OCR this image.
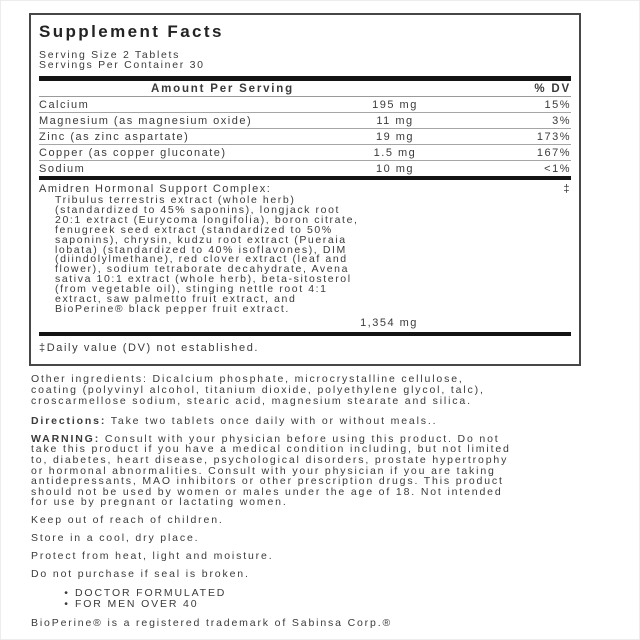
Supplement Facts
Serving Size 2 Tablets
Servings Per Container 30
Amount Per Serving	% DV
Calcium	195 mg	15%
Magnesium (as magnesium oxide)	11 mg	3%
Zinc (as zinc aspartate)	19 mg	173%
Copper (as copper gluconate)	1.5 mg	167%
Sodium	10 mg	<1%
Amidren Hormonal Support Complex:	‡
Tribulus terrestris extract (whole herb)
(standardized to 45% saponins), longjack root
20:1 extract (Eurycoma longifolia), boron citrate,
fenugreek seed extract (standardized to 50%
saponins), chrysin, kudzu root extract (Pueraia
lobata) (standardized to 40% isoflavones), DIM
(diindolylmethane), red clover extract (leaf and
flower), sodium tetraborate decahydrate, Avena
sativa 10:1 extract (whole herb), beta-sitosterol
(from vegetable oil), stinging nettle root 4:1
extract, saw palmetto fruit extract, and
BioPerine® black pepper fruit extract.
1,354 mg
‡Daily value (DV) not established.
Other ingredients: Dicalcium phosphate, microcrystalline cellulose,
coating (polyvinyl alcohol, titanium dioxide, polyethylene glycol, talc),
croscarmellose sodium, stearic acid, magnesium stearate and silica.
Directions: Take two tablets once daily with or without meals..
WARNING: Consult with your physician before using this product. Do not
take this product if you have a medical condition including, but not limited
to, diabetes, heart disease, psychological disorders, prostate hypertrophy
or hormonal abnormalities. Consult with your physician if you are taking
antidepressants, MAO inhibitors or other prescription drugs. This product
should not be used by women or males under the age of 18. Not intended
for use by pregnant or lactating women.
Keep out of reach of children.
Store in a cool, dry place.
Protect from heat, light and moisture.
Do not purchase if seal is broken.
• DOCTOR FORMULATED
• FOR MEN OVER 40
BioPerine® is a registered trademark of Sabinsa Corp.®
